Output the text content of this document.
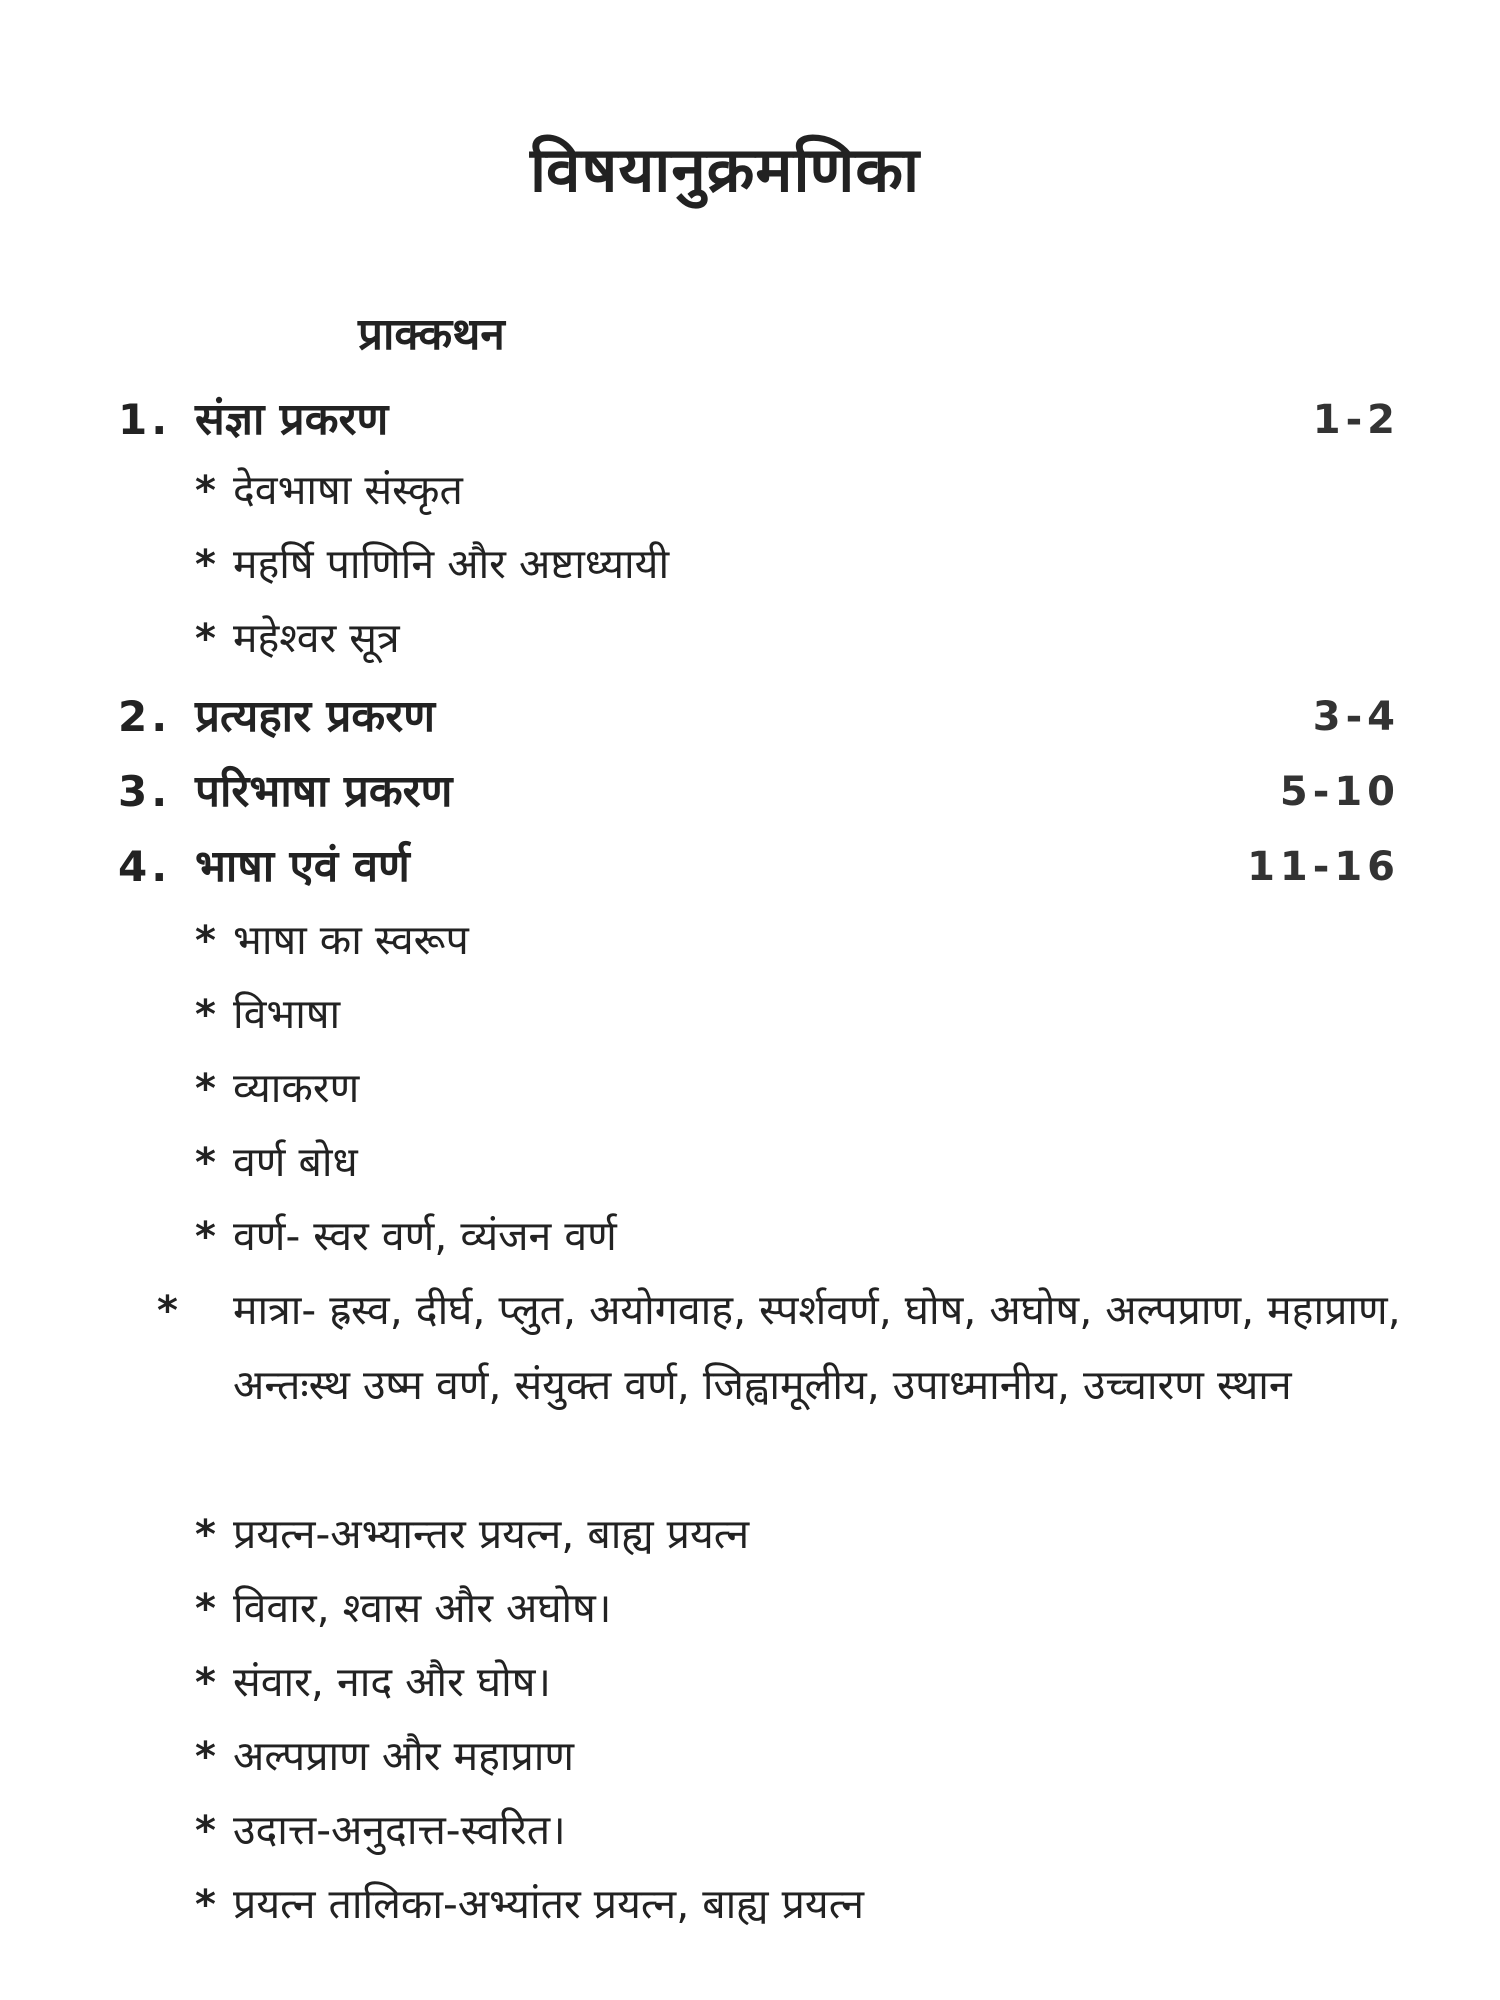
विषयानुक्रमणिका
प्राक्कथन
1. संज्ञा प्रकरण	1-2
* देवभाषा संस्कृत
* महर्षि पाणिनि और अष्टाध्यायी
* महेश्वर सूत्र
2. प्रत्यहार प्रकरण	3-4
3. परिभाषा प्रकरण	5-10
4. भाषा एवं वर्ण	11-16
* भाषा का स्वरूप
* विभाषा
* व्याकरण
* वर्ण बोध
* वर्ण- स्वर वर्ण, व्यंजन वर्ण
* मात्रा- ह्रस्व, दीर्घ, प्लुत, अयोगवाह, स्पर्शवर्ण, घोष, अघोष, अल्पप्राण, महाप्राण, अन्तःस्थ उष्म वर्ण, संयुक्त वर्ण, जिह्वामूलीय, उपाध्मानीय, उच्चारण स्थान
* प्रयत्न-अभ्यान्तर प्रयत्न, बाह्य प्रयत्न
* विवार, श्वास और अघोष।
* संवार, नाद और घोष।
* अल्पप्राण और महाप्राण
* उदात्त-अनुदात्त-स्वरित।
* प्रयत्न तालिका-अभ्यांतर प्रयत्न, बाह्य प्रयत्न
